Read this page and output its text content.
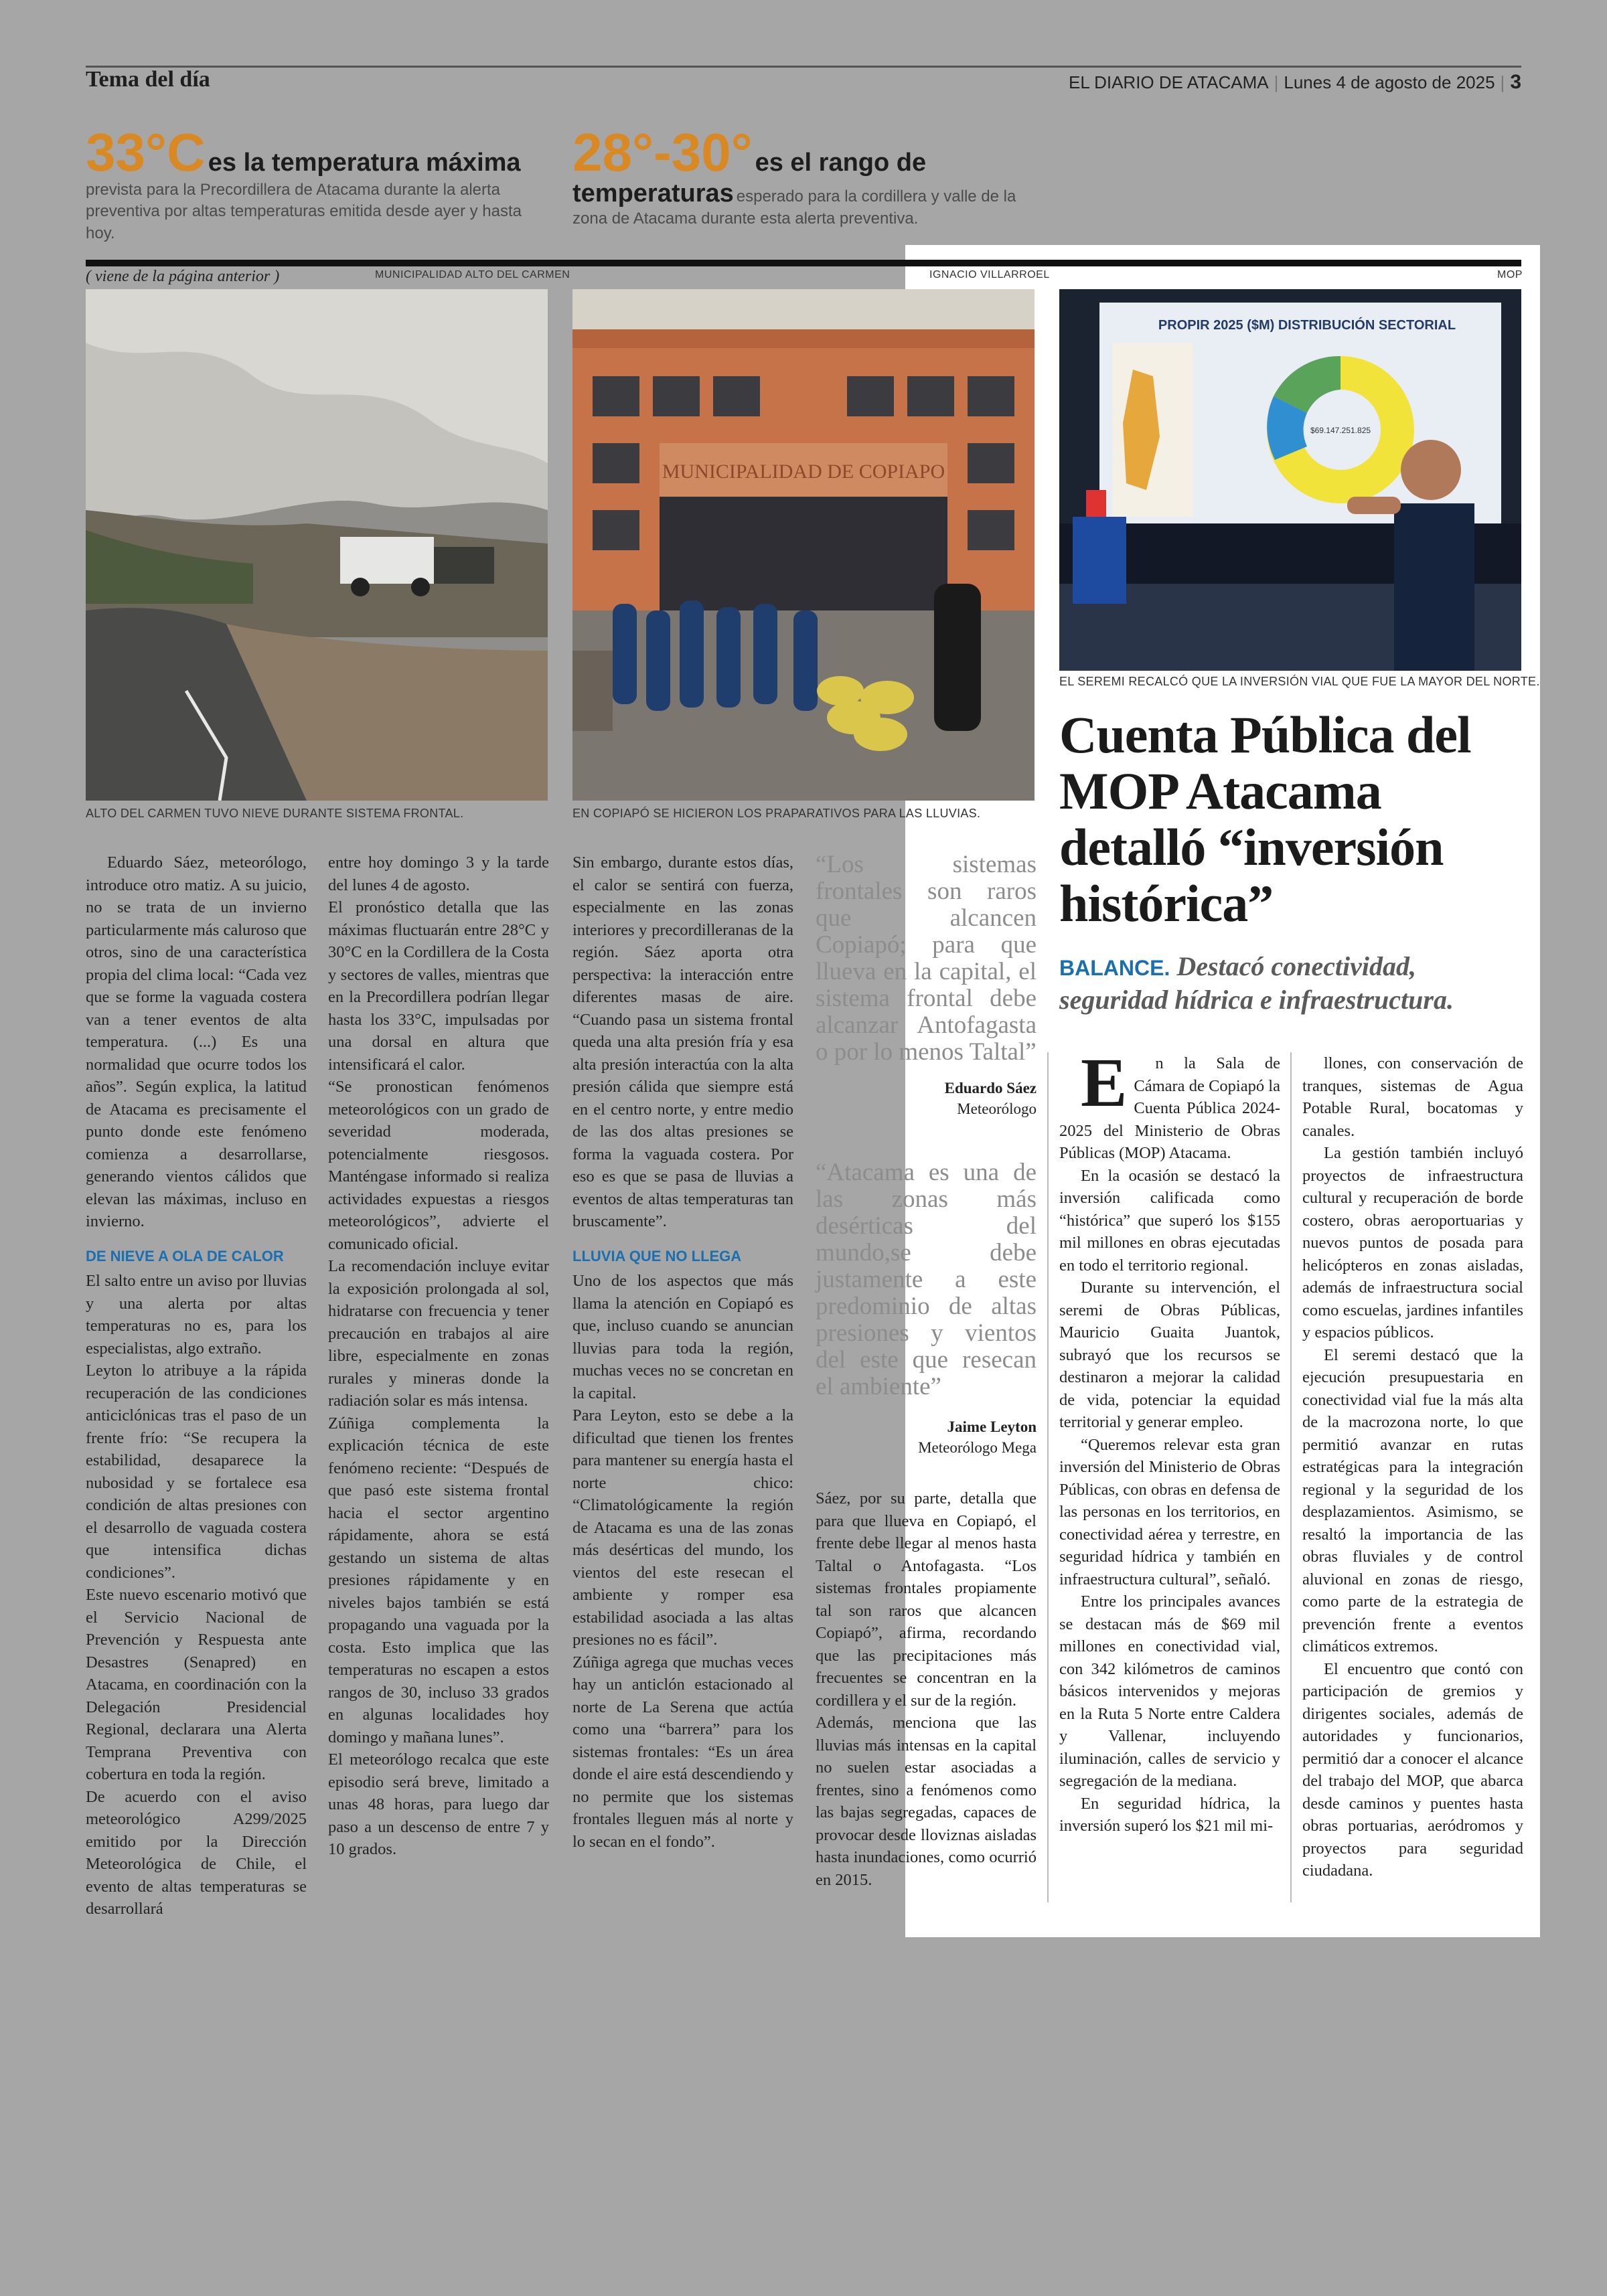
Tema del día	EL DIARIO DE ATACAMA | Lunes 4 de agosto de 2025 | 3
33°C es la temperatura máxima
prevista para la Precordillera de Atacama durante la alerta preventiva por altas temperaturas emitida desde ayer y hasta hoy.
28°-30° es el rango de temperaturas esperado para la cordillera y valle de la zona de Atacama durante esta alerta preventiva.
( viene de la página anterior )	MUNICIPALIDAD ALTO DEL CARMEN	IGNACIO VILLARROEL	MOP
ALTO DEL CARMEN TUVO NIEVE DURANTE SISTEMA FRONTAL.
MUNICIPALIDAD DE COPIAPO
EN COPIAPÓ SE HICIERON LOS PRAPARATIVOS PARA LAS LLUVIAS.
PROPIR 2025 ($M) DISTRIBUCIÓN SECTORIAL
$69.147.251.825
EL SEREMI RECALCÓ QUE LA INVERSIÓN VIAL QUE FUE LA MAYOR DEL NORTE.

Eduardo Sáez, meteorólogo, introduce otro matiz. A su juicio, no se trata de un invierno particularmente más caluroso que otros, sino de una característica propia del clima local: “Cada vez que se forme la vaguada costera van a tener eventos de alta temperatura. (...) Es una normalidad que ocurre todos los años”. Según explica, la latitud de Atacama es precisamente el punto donde este fenómeno comienza a desarrollarse, generando vientos cálidos que elevan las máximas, incluso en invierno.

DE NIEVE A OLA DE CALOR

El salto entre un aviso por lluvias y una alerta por altas temperaturas no es, para los especialistas, algo extraño.

Leyton lo atribuye a la rápida recuperación de las condiciones anticiclónicas tras el paso de un frente frío: “Se recupera la estabilidad, desaparece la nubosidad y se fortalece esa condición de altas presiones con el desarrollo de vaguada costera que intensifica dichas condiciones”.

Este nuevo escenario motivó que el Servicio Nacional de Prevención y Respuesta ante Desastres (Senapred) en Atacama, en coordinación con la Delegación Presidencial Regional, declarara una Alerta Temprana Preventiva con cobertura en toda la región.

De acuerdo con el aviso meteorológico A299/2025 emitido por la Dirección Meteorológica de Chile, el evento de altas temperaturas se desarrollará

entre hoy domingo 3 y la tarde del lunes 4 de agosto.

El pronóstico detalla que las máximas fluctuarán entre 28°C y 30°C en la Cordillera de la Costa y sectores de valles, mientras que en la Precordillera podrían llegar hasta los 33°C, impulsadas por una dorsal en altura que intensificará el calor.

“Se pronostican fenómenos meteorológicos con un grado de severidad moderada, potencialmente riesgosos. Manténgase informado si realiza actividades expuestas a riesgos meteorológicos”, advierte el comunicado oficial.

La recomendación incluye evitar la exposición prolongada al sol, hidratarse con frecuencia y tener precaución en trabajos al aire libre, especialmente en zonas rurales y mineras donde la radiación solar es más intensa.

Zúñiga complementa la explicación técnica de este fenómeno reciente: “Después de que pasó este sistema frontal hacia el sector argentino rápidamente, ahora se está gestando un sistema de altas presiones rápidamente y en niveles bajos también se está propagando una vaguada por la costa. Esto implica que las temperaturas no escapen a estos rangos de 30, incluso 33 grados en algunas localidades hoy domingo y mañana lunes”.

El meteorólogo recalca que este episodio será breve, limitado a unas 48 horas, para luego dar paso a un descenso de entre 7 y 10 grados.

Sin embargo, durante estos días, el calor se sentirá con fuerza, especialmente en las zonas interiores y precordilleranas de la región. Sáez aporta otra perspectiva: la interacción entre diferentes masas de aire. “Cuando pasa un sistema frontal queda una alta presión fría y esa alta presión interactúa con la alta presión cálida que siempre está en el centro norte, y entre medio de las dos altas presiones se forma la vaguada costera. Por eso es que se pasa de lluvias a eventos de altas temperaturas tan bruscamente”.

LLUVIA QUE NO LLEGA

Uno de los aspectos que más llama la atención en Copiapó es que, incluso cuando se anuncian lluvias para toda la región, muchas veces no se concretan en la capital.

Para Leyton, esto se debe a la dificultad que tienen los frentes para mantener su energía hasta el norte chico: “Climatológicamente la región de Atacama es una de las zonas más desérticas del mundo, los vientos del este resecan el ambiente y romper esa estabilidad asociada a las altas presiones no es fácil”.

Zúñiga agrega que muchas veces hay un anticlón estacionado al norte de La Serena que actúa como una “barrera” para los sistemas frontales: “Es un área donde el aire está descendiendo y no permite que los sistemas frontales lleguen más al norte y lo secan en el fondo”.

“Los sistemas frontales son raros que alcancen Copiapó; para que llueva en la capital, el sistema frontal debe alcanzar Antofagasta o por lo menos Taltal”
Eduardo Sáez
Meteorólogo
“Atacama es una de las zonas más desérticas del mundo,se debe justamente a este predominio de altas presiones y vientos del este que resecan el ambiente”
Jaime Leyton
Meteorólogo Mega

Sáez, por su parte, detalla que para que llueva en Copiapó, el frente debe llegar al menos hasta Taltal o Antofagasta. “Los sistemas frontales propiamente tal son raros que alcancen Copiapó”, afirma, recordando que las precipitaciones más frecuentes se concentran en la cordillera y el sur de la región.

Además, menciona que las lluvias más intensas en la capital no suelen estar asociadas a frentes, sino a fenómenos como las bajas segregadas, capaces de provocar desde lloviznas aisladas hasta inundaciones, como ocurrió en 2015.

Cuenta Pública del MOP Atacama detalló “inversión histórica”
BALANCE. Destacó conectividad, seguridad hídrica e infraestructura.

E n la Sala de Cámara de Copiapó la Cuenta Pública 2024-2025 del Ministerio de Obras Públicas (MOP) Atacama.

En la ocasión se destacó la inversión calificada como “histórica” que superó los $155 mil millones en obras ejecutadas en todo el territorio regional.

Durante su intervención, el seremi de Obras Públicas, Mauricio Guaita Juantok, subrayó que los recursos se destinaron a mejorar la calidad de vida, potenciar la equidad territorial y generar empleo.

“Queremos relevar esta gran inversión del Ministerio de Obras Públicas, con obras en defensa de las personas en los territorios, en conectividad aérea y terrestre, en seguridad hídrica y también en infraestructura cultural”, señaló.

Entre los principales avances se destacan más de $69 mil millones en conectividad vial, con 342 kilómetros de caminos básicos intervenidos y mejoras en la Ruta 5 Norte entre Caldera y Vallenar, incluyendo iluminación, calles de servicio y segregación de la mediana.

En seguridad hídrica, la inversión superó los $21 mil mi-

llones, con conservación de tranques, sistemas de Agua Potable Rural, bocatomas y canales.

La gestión también incluyó proyectos de infraestructura cultural y recuperación de borde costero, obras aeroportuarias y nuevos puntos de posada para helicópteros en zonas aisladas, además de infraestructura social como escuelas, jardines infantiles y espacios públicos.

El seremi destacó que la ejecución presupuestaria en conectividad vial fue la más alta de la macrozona norte, lo que permitió avanzar en rutas estratégicas para la integración regional y la seguridad de los desplazamientos. Asimismo, se resaltó la importancia de las obras fluviales y de control aluvional en zonas de riesgo, como parte de la estrategia de prevención frente a eventos climáticos extremos.

El encuentro que contó con participación de gremios y dirigentes sociales, además de autoridades y funcionarios, permitió dar a conocer el alcance del trabajo del MOP, que abarca desde caminos y puentes hasta obras portuarias, aeródromos y proyectos para seguridad ciudadana.
